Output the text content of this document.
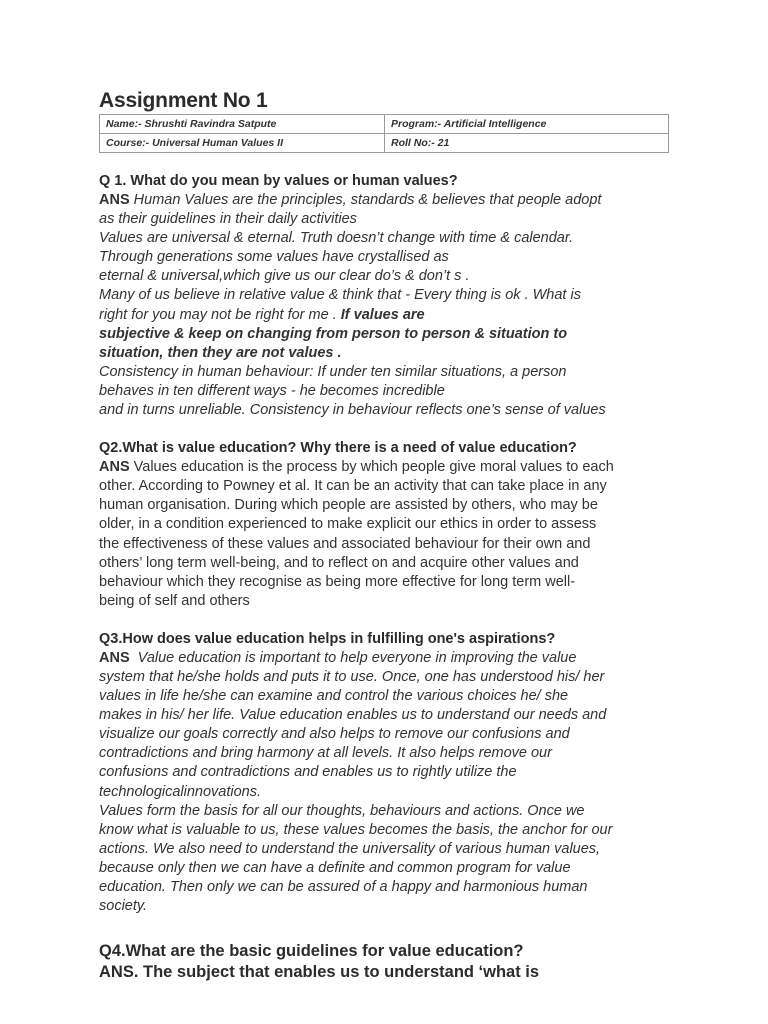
Assignment No 1
Name:- Shrushti Ravindra Satpute	Program:- Artificial Intelligence
Course:- Universal Human Values II	Roll No:- 21

Q 1. What do you mean by values or human values?

ANS Human Values are the principles, standards & believes that people adopt

as their guidelines in their daily activities

Values are universal & eternal. Truth doesn’t change with time & calendar.

Through generations some values have crystallised as

eternal & universal,which give us our clear do’s & don’t s .

Many of us believe in relative value & think that - Every thing is ok . What is

right for you may not be right for me . If values are

subjective & keep on changing from person to person & situation to

situation, then they are not values .

Consistency in human behaviour: If under ten similar situations, a person

behaves in ten different ways - he becomes incredible

and in turns unreliable. Consistency in behaviour reflects one’s sense of values

Q2.What is value education? Why there is a need of value education?

ANS Values education is the process by which people give moral values to each

other. According to Powney et al. It can be an activity that can take place in any

human organisation. During which people are assisted by others, who may be

older, in a condition experienced to make explicit our ethics in order to assess

the effectiveness of these values and associated behaviour for their own and

others’ long term well-being, and to reflect on and acquire other values and

behaviour which they recognise as being more effective for long term well-

being of self and others

Q3.How does value education helps in fulfilling one's aspirations?

ANS  Value education is important to help everyone in improving the value

system that he/she holds and puts it to use. Once, one has understood his/ her

values in life he/she can examine and control the various choices he/ she

makes in his/ her life. Value education enables us to understand our needs and

visualize our goals correctly and also helps to remove our confusions and

contradictions and bring harmony at all levels. It also helps remove our

confusions and contradictions and enables us to rightly utilize the

technologicalinnovations.

Values form the basis for all our thoughts, behaviours and actions. Once we

know what is valuable to us, these values becomes the basis, the anchor for our

actions. We also need to understand the universality of various human values,

because only then we can have a definite and common program for value

education. Then only we can be assured of a happy and harmonious human

society.

Q4.What are the basic guidelines for value education?

ANS. The subject that enables us to understand ‘what is
